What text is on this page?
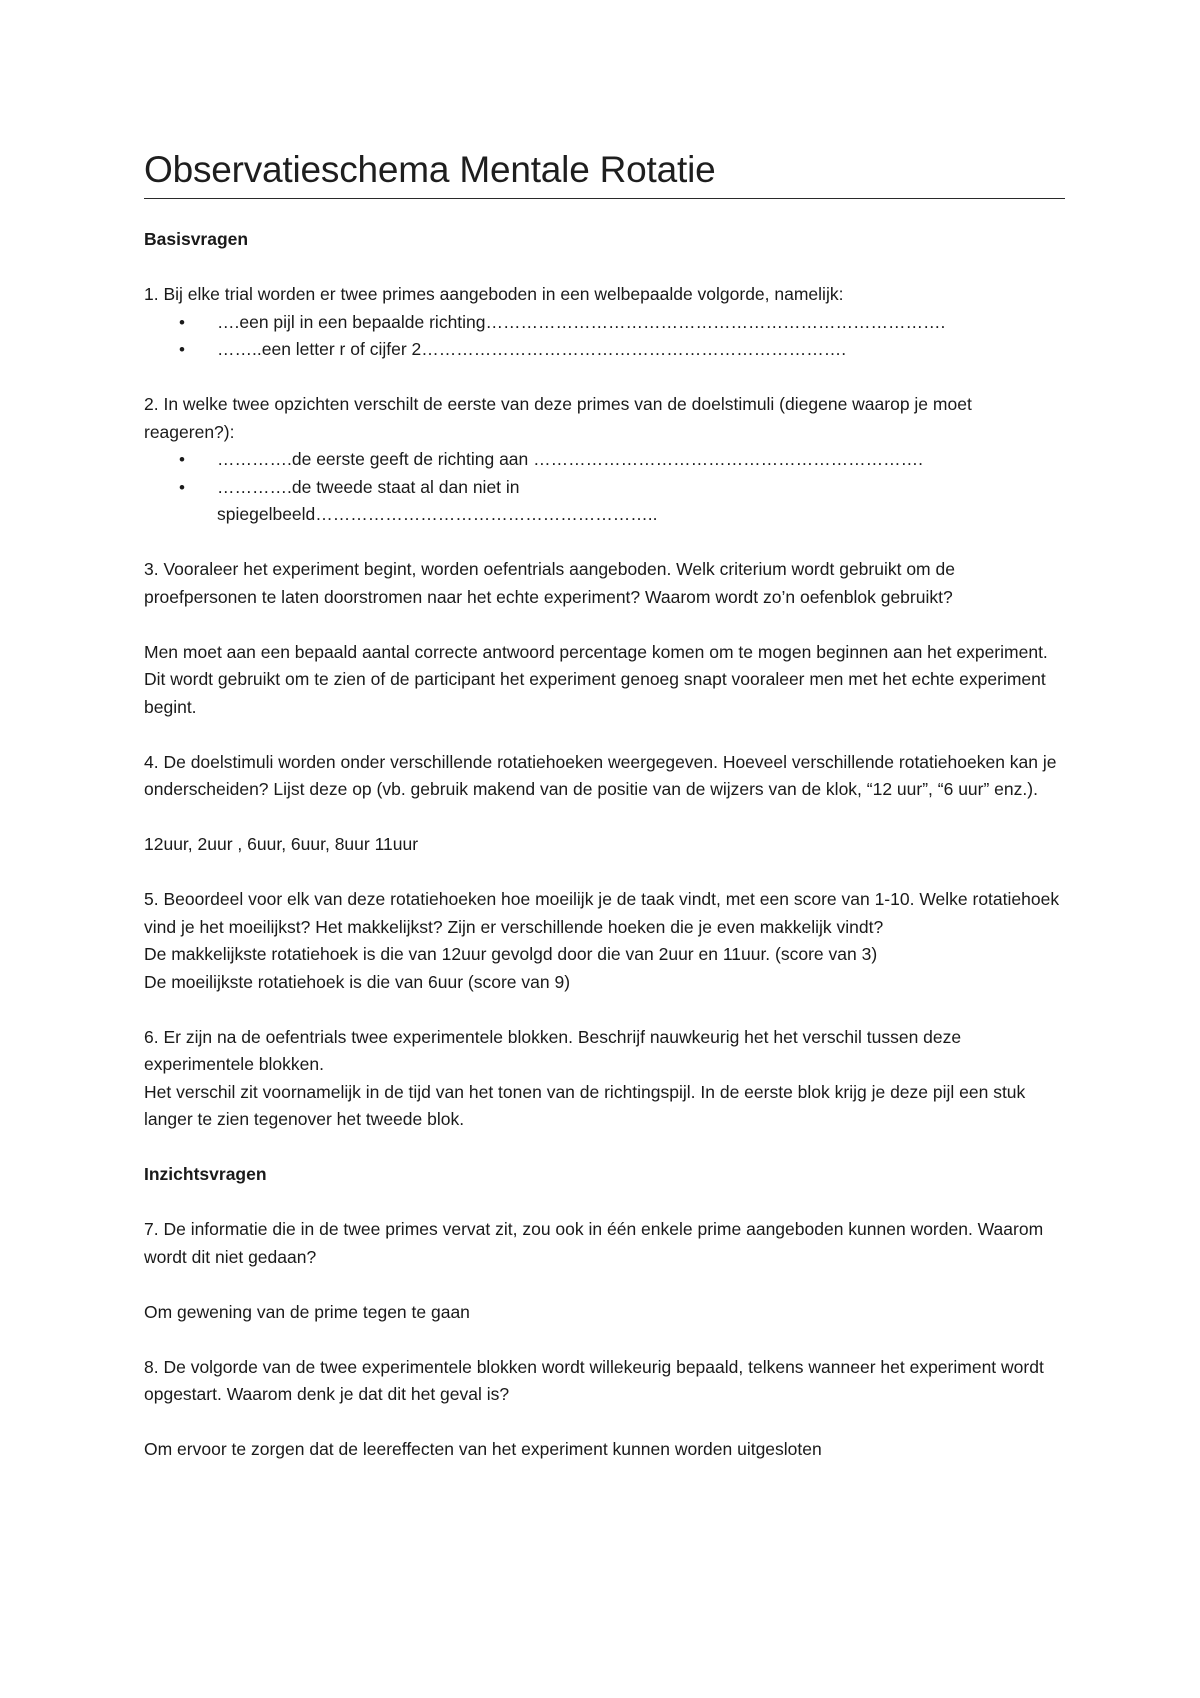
Observatieschema Mentale Rotatie

Basisvragen

1. Bij elke trial worden er twee primes aangeboden in een welbepaalde volgorde, namelijk:

• ….een pijl in een bepaalde richting…………………………………………………………………….
• ……..een letter r of cijfer 2……………………………………………………………….

2. In welke twee opzichten verschilt de eerste van deze primes van de doelstimuli (diegene waarop je moet reageren?):

• ………….de eerste geeft de richting aan ………………………………………………………….
• ………….de tweede staat al dan niet in spiegelbeeld…………………………………………………..

3. Vooraleer het experiment begint, worden oefentrials aangeboden. Welk criterium wordt gebruikt om de proefpersonen te laten doorstromen naar het echte experiment? Waarom wordt zo’n oefenblok gebruikt?

Men moet aan een bepaald aantal correcte antwoord percentage komen om te mogen beginnen aan het experiment. Dit wordt gebruikt om te zien of de participant het experiment genoeg snapt vooraleer men met het echte experiment begint.

4. De doelstimuli worden onder verschillende rotatiehoeken weergegeven. Hoeveel verschillende rotatiehoeken kan je onderscheiden? Lijst deze op (vb. gebruik makend van de positie van de wijzers van de klok, “12 uur”, “6 uur” enz.).

12uur, 2uur , 6uur, 6uur, 8uur 11uur

5. Beoordeel voor elk van deze rotatiehoeken hoe moeilijk je de taak vindt, met een score van 1-10. Welke rotatiehoek vind je het moeilijkst? Het makkelijkst? Zijn er verschillende hoeken die je even makkelijk vindt?

De makkelijkste rotatiehoek is die van 12uur gevolgd door die van 2uur en 11uur. (score van 3)

De moeilijkste rotatiehoek is die van 6uur (score van 9)

6. Er zijn na de oefentrials twee experimentele blokken. Beschrijf nauwkeurig het het verschil tussen deze experimentele blokken.

Het verschil zit voornamelijk in de tijd van het tonen van de richtingspijl. In de eerste blok krijg je deze pijl een stuk langer te zien tegenover het tweede blok.

Inzichtsvragen

7. De informatie die in de twee primes vervat zit, zou ook in één enkele prime aangeboden kunnen worden. Waarom wordt dit niet gedaan?

Om gewening van de prime tegen te gaan

8. De volgorde van de twee experimentele blokken wordt willekeurig bepaald, telkens wanneer het experiment wordt opgestart. Waarom denk je dat dit het geval is?

Om ervoor te zorgen dat de leereffecten van het experiment kunnen worden uitgesloten
